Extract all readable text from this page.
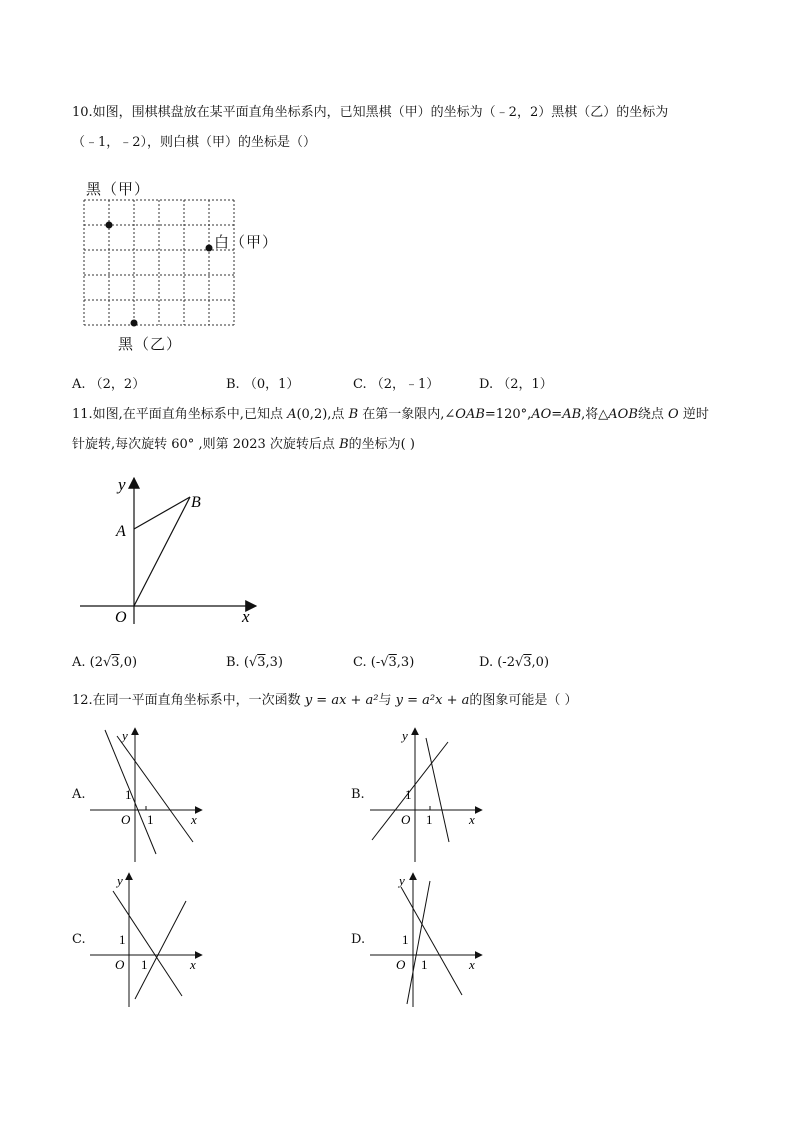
10.如图，围棋棋盘放在某平面直角坐标系内，已知黑棋（甲）的坐标为（﹣2，2）黑棋（乙）的坐标为
（﹣1，﹣2），则白棋（甲）的坐标是（）
黑（甲）
白（甲）
黑（乙）
A. （2，2）	B. （0，1）	C. （2，﹣1）	D. （2，1）
11.如图,在平面直角坐标系中,已知点 A(0,2),点 B 在第一象限内,∠OAB=120°,AO=AB,将△AOB绕点 O 逆时
针旋转,每次旋转 60° ,则第 2023 次旋转后点 B的坐标为( )
y
x
A
B
O
A. (2√3,0)	B. (√3,3)	C. (-√3,3)	D. (-2√3,0)
12.在同一平面直角坐标系中，一次函数 y = ax + a²与 y = a²x + a的图象可能是（ ）
A.
y
x
O 1
1	B.
y
x
O 1
1
C.
y
x
O 1
1	D.
y
x
O 1
1
